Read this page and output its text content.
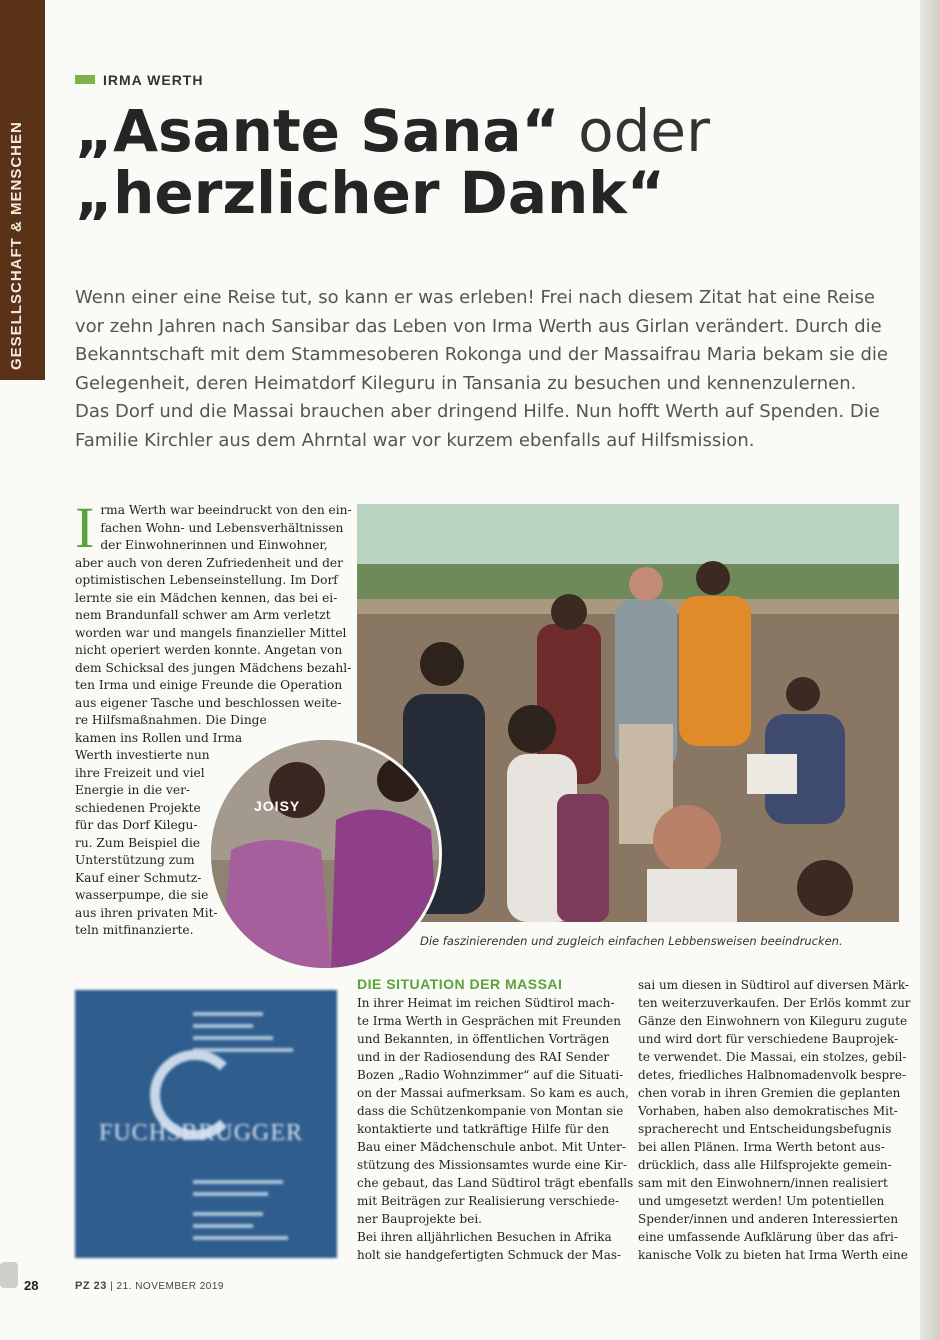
GESELLSCHAFT & MENSCHEN
IRMA WERTH
„Asante Sana“ oder
„herzlicher Dank“
Wenn einer eine Reise tut, so kann er was erleben! Frei nach diesem Zitat hat eine Reise vor zehn Jahren nach Sansibar das Leben von Irma Werth aus Girlan verändert. Durch die Bekanntschaft mit dem Stammesoberen Rokonga und der Massaifrau Maria bekam sie die Gelegenheit, deren Heimatdorf Kileguru in Tansania zu besuchen und kennenzulernen. Das Dorf und die Massai brauchen aber dringend Hilfe. Nun hofft Werth auf Spenden. Die Familie Kirchler aus dem Ahrntal war vor kurzem ebenfalls auf Hilfsmission.
I rma Werth war beeindruckt von den ein-
fachen Wohn- und Lebensverhältnissen
der Einwohnerinnen und Einwohner,
aber auch von deren Zufriedenheit und der
optimistischen Lebenseinstellung. Im Dorf
lernte sie ein Mädchen kennen, das bei ei-
nem Brandunfall schwer am Arm verletzt
worden war und mangels finanzieller Mittel
nicht operiert werden konnte. Angetan von
dem Schicksal des jungen Mädchens bezahl-
ten Irma und einige Freunde die Operation
aus eigener Tasche und beschlossen weite-
re Hilfsmaßnahmen. Die Dinge
kamen ins Rollen und Irma
Werth investierte nun
ihre Freizeit und viel
Energie in die ver-
schiedenen Projekte
für das Dorf Kilegu-
ru. Zum Beispiel die
Unterstützung zum
Kauf einer Schmutz-
wasserpumpe, die sie
aus ihren privaten Mit-
teln mitfinanzierte.
Die faszinierenden und zugleich einfachen Lebbensweisen beeindrucken.
JOISY
FUCHSBRUGGER
DIE SITUATION DER MASSAI
In ihrer Heimat im reichen Südtirol mach-
te Irma Werth in Gesprächen mit Freunden
und Bekannten, in öffentlichen Vorträgen
und in der Radiosendung des RAI Sender
Bozen „Radio Wohnzimmer“ auf die Situati-
on der Massai aufmerksam. So kam es auch,
dass die Schützenkompanie von Montan sie
kontaktierte und tatkräftige Hilfe für den
Bau einer Mädchenschule anbot. Mit Unter-
stützung des Missionsamtes wurde eine Kir-
che gebaut, das Land Südtirol trägt ebenfalls
mit Beiträgen zur Realisierung verschiede-
ner Bauprojekte bei.
Bei ihren alljährlichen Besuchen in Afrika
holt sie handgefertigten Schmuck der Mas-
sai um diesen in Südtirol auf diversen Märk-
ten weiterzuverkaufen. Der Erlös kommt zur
Gänze den Einwohnern von Kileguru zugute
und wird dort für verschiedene Bauprojek-
te verwendet. Die Massai, ein stolzes, gebil-
detes, friedliches Halbnomadenvolk bespre-
chen vorab in ihren Gremien die geplanten
Vorhaben, haben also demokratisches Mit-
spracherecht und Entscheidungsbefugnis
bei allen Plänen. Irma Werth betont aus-
drücklich, dass alle Hilfsprojekte gemein-
sam mit den Einwohnern/innen realisiert
und umgesetzt werden! Um potentiellen
Spender/innen und anderen Interessierten
eine umfassende Aufklärung über das afri-
kanische Volk zu bieten hat Irma Werth eine
28	PZ 23 | 21. NOVEMBER 2019
